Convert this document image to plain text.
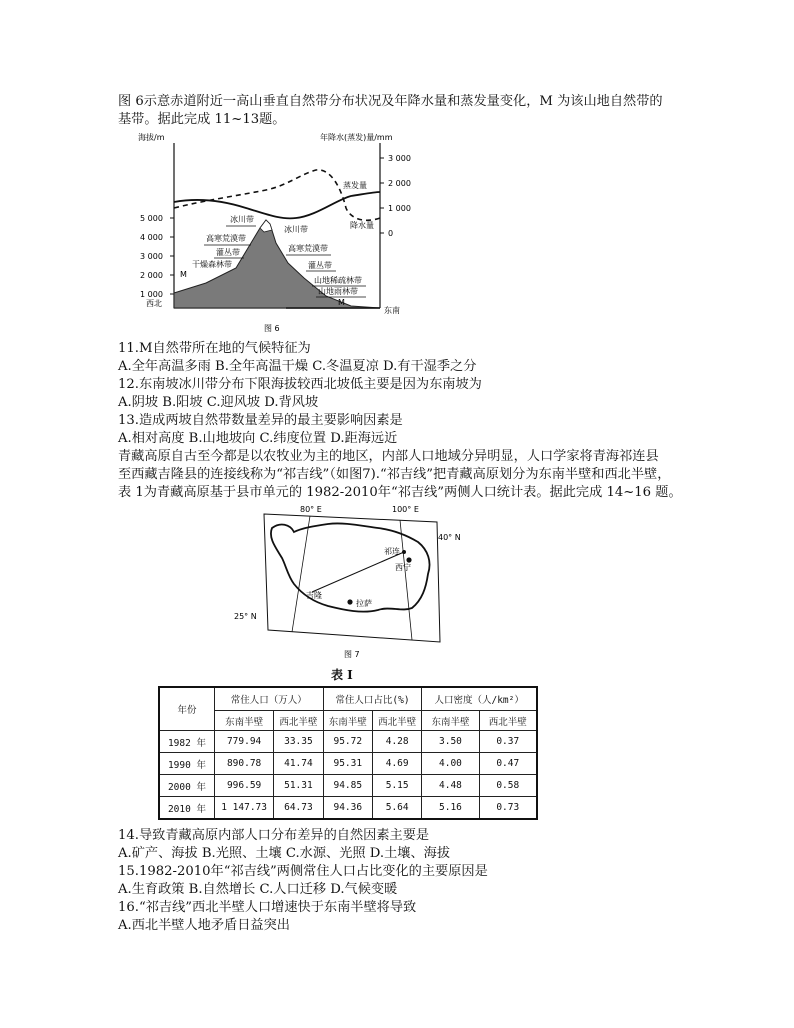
图 6示意赤道附近一高山垂直自然带分布状况及年降水量和蒸发量变化，M 为该山地自然带的
基带。据此完成 11~13题。
海拔/m	年降水(蒸发)量/mm
5 000
4 000
3 000
2 000
1 000
3 000
2 000
1 000
0
蒸发量
降水量
冰川带
冰川带
高寒荒漠带
高寒荒漠带
灌丛带
灌丛带
干燥森林带
山地稀疏林带
山地雨林带
M
M
西北
东南
图 6
11.M自然带所在地的气候特征为
A.全年高温多雨 B.全年高温干燥 C.冬温夏凉 D.有干湿季之分
12.东南坡冰川带分布下限海拔较西北坡低主要是因为东南坡为
A.阴坡 B.阳坡 C.迎风坡 D.背风坡
13.造成两坡自然带数量差异的最主要影响因素是
A.相对高度 B.山地坡向 C.纬度位置 D.距海远近
青藏高原自古至今都是以农牧业为主的地区，内部人口地域分异明显，人口学家将青海祁连县
至西藏吉隆县的连接线称为“祁吉线”（如图7).“祁吉线”把青藏高原划分为东南半壁和西北半壁，
表 1为青藏高原基于县市单元的 1982-2010年“祁吉线”两侧人口统计表。据此完成 14~16 题。
80° E	100° E
40° N
25° N
祁连
西宁
吉隆
拉萨
图 7
表 I
年份	常住人口（万人）		常住人口占比(%)		人口密度（人/km²）	
	东南半壁	西北半壁	东南半壁	西北半壁	东南半壁	西北半壁
1982 年	779.94	33.35	95.72	4.28	3.50	0.37
1990 年	890.78	41.74	95.31	4.69	4.00	0.47
2000 年	996.59	51.31	94.85	5.15	4.48	0.58
2010 年	1 147.73	64.73	94.36	5.64	5.16	0.73
14.导致青藏高原内部人口分布差异的自然因素主要是
A.矿产、海拔 B.光照、土壤 C.水源、光照 D.土壤、海拔
15.1982-2010年“祁吉线”两侧常住人口占比变化的主要原因是
A.生育政策 B.自然增长 C.人口迁移 D.气候变暖
16.“祁吉线”西北半壁人口增速快于东南半壁将导致
A.西北半壁人地矛盾日益突出
